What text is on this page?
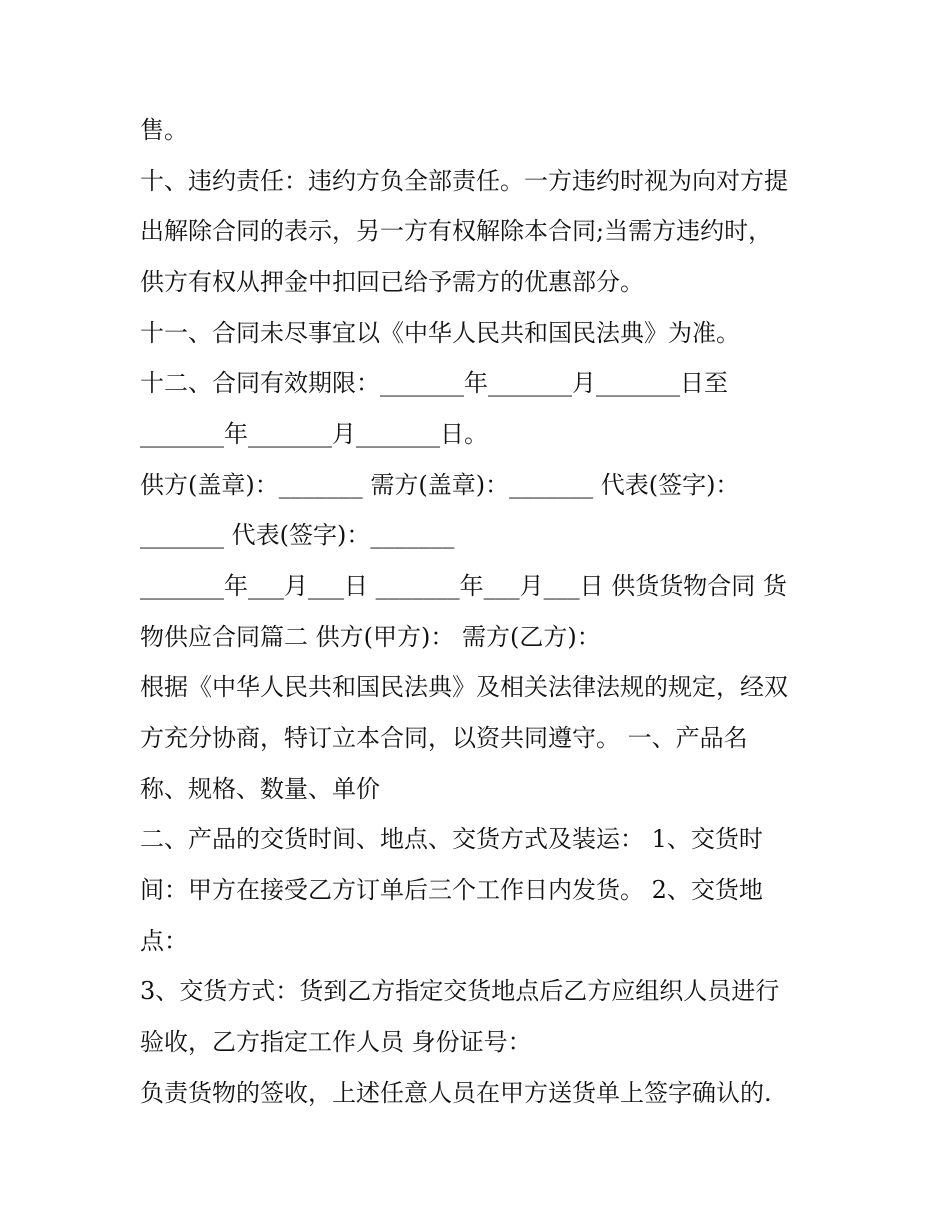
售。
十、违约责任：违约方负全部责任。一方违约时视为向对方提
出解除合同的表示，另一方有权解除本合同;当需方违约时，
供方有权从押金中扣回已给予需方的优惠部分。
十一、合同未尽事宜以《中华人民共和国民法典》为准。
十二、合同有效期限：_______年_______月_______日至
_______年_______月_______日。
供方(盖章)：_______ 需方(盖章)：_______ 代表(签字)：
_______ 代表(签字)：_______
_______年___月___日 _______年___月___日 供货货物合同 货
物供应合同篇二 供方(甲方)： 需方(乙方)：
根据《中华人民共和国民法典》及相关法律法规的规定，经双
方充分协商，特订立本合同，以资共同遵守。 一、产品名
称、规格、数量、单价
二、产品的交货时间、地点、交货方式及装运： 1、交货时
间：甲方在接受乙方订单后三个工作日内发货。 2、交货地
点：
3、交货方式：货到乙方指定交货地点后乙方应组织人员进行
验收，乙方指定工作人员 身份证号：
负责货物的签收，上述任意人员在甲方送货单上签字确认的.
